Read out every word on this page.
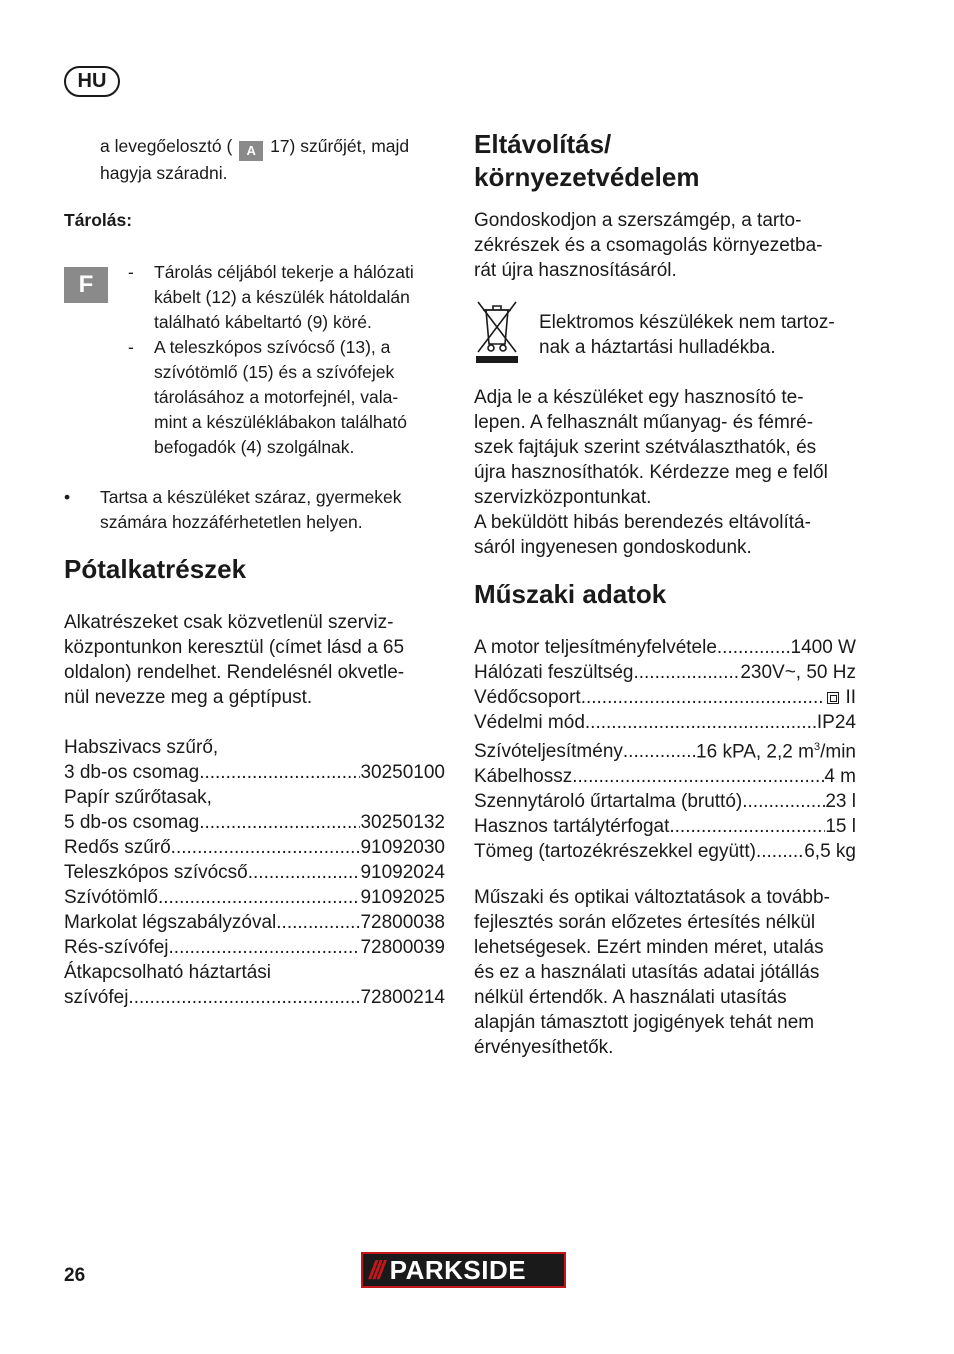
HU
a levegőelosztó ( A 17) szűrőjét, majd
hagyja száradni.
Tárolás:
F	- Tárolás céljából tekerje a hálózati
kábelt (12) a készülék hátoldalán
található kábeltartó (9) köré.
- A teleszkópos szívócső (13), a
szívótömlő (15) és a szívófejek
tárolásához a motorfejnél, vala-
mint a készüléklábakon található
befogadók (4) szolgálnak.
• Tartsa a készüléket száraz, gyermekek
számára hozzáférhetetlen helyen.
Pótalkatrészek
Alkatrészeket csak közvetlenül szerviz-
központunkon keresztül (címet lásd a 65
oldalon) rendelhet. Rendelésnél okvetle-
nül nevezze meg a géptípust.
Habszivacs szűrő,
3 db-os csomag .....	30250100
Papír szűrőtasak,
5 db-os csomag .....	30250132
Redős szűrő .....	91092030
Teleszkópos szívócső .....	91092024
Szívótömlő .....	91092025
Markolat légszabályzóval .....	72800038
Rés-szívófej .....	72800039
Átkapcsolható háztartási
szívófej .....	72800214
Eltávolítás/
környezetvédelem
Gondoskodjon a szerszámgép, a tarto-
zékrészek és a csomagolás környezetba-
rát újra hasznosításáról.
Elektromos készülékek nem tartoz-
nak a háztartási hulladékba.
Adja le a készüléket egy hasznosító te-
lepen. A felhasznált műanyag- és fémré-
szek fajtájuk szerint szétválaszthatók, és
újra hasznosíthatók. Kérdezze meg e felől
szervizközpontunkat.
A beküldött hibás berendezés eltávolítá-
sáról ingyenesen gondoskodunk.
Műszaki adatok
A motor teljesítményfelvétele .....	1400 W
Hálózati feszültség .....	230V~, 50 Hz
Védőcsoport .....	II
Védelmi mód .....	IP24
Szívóteljesítmény .....	16 kPA, 2,2 $m^3/\min$
Kábelhossz .....	4 m
Szennytároló űrtartalma (bruttó) .....	23 l
Hasznos tartálytérfogat .....	15 l
Tömeg (tartozékrészekkel együtt) .....	6,5 kg
Műszaki és optikai változtatások a tovább-
fejlesztés során előzetes értesítés nélkül
lehetségesek. Ezért minden méret, utalás
és ez a használati utasítás adatai jótállás
nélkül értendők. A használati utasítás
alapján támasztott jogigények tehát nem
érvényesíthetők.
26	/// PARKSIDE
